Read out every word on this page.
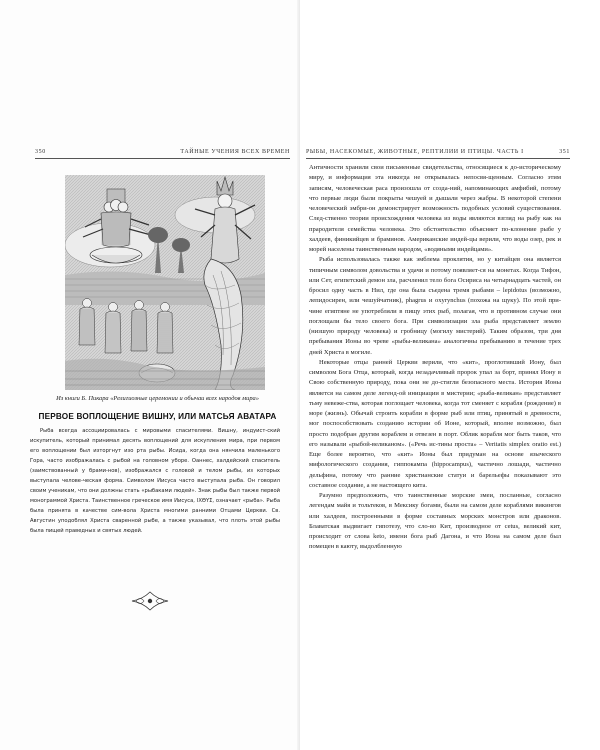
350	ТАЙНЫЕ УЧЕНИЯ ВСЕХ ВРЕМЕН
Из книги Б. Пикара «Религиозные церемонии и обычаи всех народов мира»
ПЕРВОЕ ВОПЛОЩЕНИЕ ВИШНУ, ИЛИ МАТСЬЯ АВАТАРА

Рыба всегда ассоциировалась с мировыми спасителями. Вишну, индуист-ский искупитель, который принимал десять воплощений для искупления мира, при первом его воплощении был изторгнут изо рта рыбы. Исида, когда она нянчила маленького Гора, часто изображалась с рыбой на головном уборе. Оаннес, халдейский спаситель (заимствованный у брами-нов), изображался с головой и телом рыбы, из которых выступала челове-ческая форма. Символом Иисуса часто выступала рыба. Он говорил своим ученикам, что они должны стать «рыбаками людей». Знак рыбы был также первой монограммой Христа. Таинственное греческое имя Иисуса, ΙΧΘΥΣ, означает «рыба». Рыба была принята в качестве сим-вола Христа многими ранними Отцами Церкви. Св. Августин уподоблял Христа сваренной рыбе, а также указывал, что плоть этой рыбы была пищей праведных и святых людей.

РЫБЫ, НАСЕКОМЫЕ, ЖИВОТНЫЕ, РЕПТИЛИИ И ПТИЦЫ. ЧАСТЬ I	351

Античности хранили свои письменные свидетельства, относящиеся к до-историческому миру, и информация эта никогда не открывалась непосвя-щенным. Согласно этим записям, человеческая раса произошла от созда-ний, напоминающих амфибий, потому что первые люди были покрыты чешуей и дышали через жабры. В некоторой степени человеческий эмбри-он демонстрирует возможность подобных условий существования. След-ственно теории происхождения человека из воды являются взгляд на рыбу как на прародителя семейства человека. Это обстоятельство объясняет по-клонение рыбе у халдеев, финикийцев и браминов. Американские индей-цы верили, что воды озер, рек и морей населены таинственным народом, «водяными индейцами».

Рыба использовалась также как эмблема проклятия, но у китайцев она является типичным символом довольства и удачи и потому появляет-ся на монетах. Когда Тифон, или Сет, египетский демон зла, расчленил тело бога Осириса на четырнадцать частей, он бросил одну часть в Нил, где она была съедена тремя рыбами – lepidotus (возможно, лепидосирен, или чешуйчатник), phagrus и oxyrynchus (похожа на щуку). По этой при-чине египтяне не употребляли в пищу этих рыб, полагая, что в противном случае они поглощали бы тело своего бога. При символизации зла рыба представляет землю (низшую природу человека) и гробницу (могилу мистерий). Таким образом, три дня пребывания Ионы во чреве «рыбы-великана» аналогичны пребыванию в течение трех дней Христа в могиле.

Некоторые отцы ранней Церкви верили, что «кит», проглотивший Иону, был символом Бога Отца, который, когда незадачливый пророк упал за борт, принял Иону в Свою собственную природу, пока они не до-стигли безопасного места. История Ионы является на самом деле легенд-ой инициации в мистерии; «рыба-великан» представляет тьму невеже-ства, которая поглощает человека, когда тот сменяет с корабля (рождение) в море (жизнь). Обычай строить корабли в форме рыб или птиц, принятый в древности, мог поспособствовать созданию истории об Ионе, который, вполне возможно, был просто подобран другим кораблем и отвезен в порт. Облик корабля мог быть таков, что его называли «рыбой-великаном». («Речь ис-тины проста» – Veritatis simplex oratio est.) Еще более вероятно, что «кит» Ионы был придуман на основе языческого мифологического создания, гиппокампа (hippocampus), частично лошади, частично дельфина, потому что ранние христианские статуи и барельефы показывают это составное создание, а не настоящего кита.

Разумно предположить, что таинственные морские змеи, посланные, согласно легендам майя и тольтеков, в Мексику богами, были на самом деле кораблями викингов или халдеев, построенными в форме составных морских монстров или драконов. Блаватская выдвигает гипотезу, что сло-во Кит, производное от cetus, великий кит, происходит от слова keto, имени бога рыб Дагона, и что Иона на самом деле был помещен в каюту, выдолбленную
